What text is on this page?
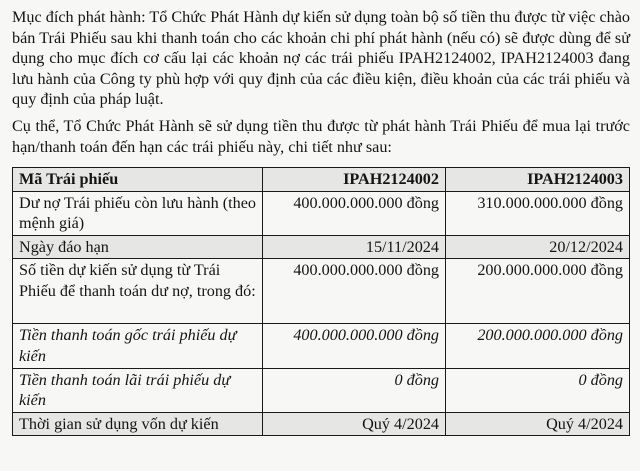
Mục đích phát hành: Tổ Chức Phát Hành dự kiến sử dụng toàn bộ số tiền thu được từ việc chào bán Trái Phiếu sau khi thanh toán cho các khoản chi phí phát hành (nếu có) sẽ được dùng để sử dụng cho mục đích cơ cấu lại các khoản nợ các trái phiếu IPAH2124002, IPAH2124003 đang lưu hành của Công ty phù hợp với quy định của các điều kiện, điều khoản của các trái phiếu và quy định của pháp luật.

Cụ thể, Tổ Chức Phát Hành sẽ sử dụng tiền thu được từ phát hành Trái Phiếu để mua lại trước hạn/thanh toán đến hạn các trái phiếu này, chi tiết như sau:

Mã Trái phiếu	IPAH2124002	IPAH2124003
Dư nợ Trái phiếu còn lưu hành (theo mệnh giá)	400.000.000.000 đồng	310.000.000.000 đồng
Ngày đáo hạn	15/11/2024	20/12/2024
Số tiền dự kiến sử dụng từ Trái Phiếu để thanh toán dư nợ, trong đó:	400.000.000.000 đồng	200.000.000.000 đồng
Tiền thanh toán gốc trái phiếu dự kiến	400.000.000.000 đồng	200.000.000.000 đồng
Tiền thanh toán lãi trái phiếu dự kiến	0 đồng	0 đồng
Thời gian sử dụng vốn dự kiến	Quý 4/2024	Quý 4/2024
